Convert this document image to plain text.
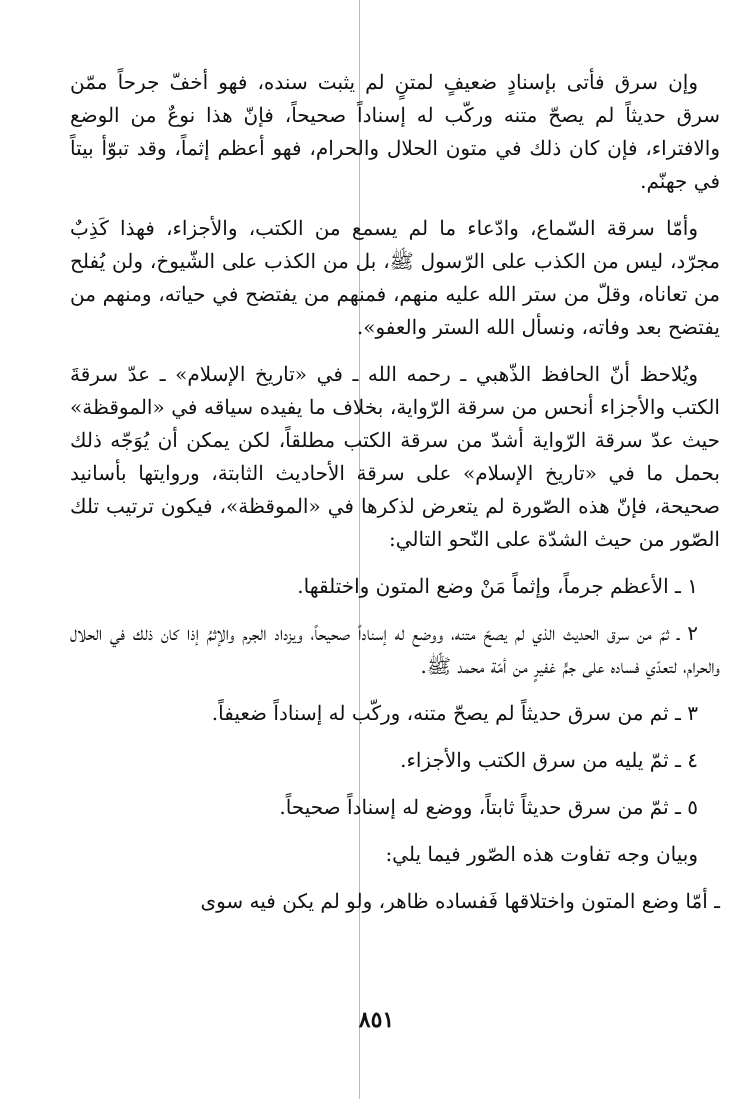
وإن سرق فأتى بإسنادٍ ضعيفٍ لمتنٍ لم يثبت سنده، فهو أخفّ جرحاً ممّن سرق حديثاً لم يصحّ متنه وركّب له إسناداً صحيحاً، فإنّ هذا نوعٌ من الوضع والافتراء، فإن كان ذلك في متون الحلال والحرام، فهو أعظم إثماً، وقد تبوّأ بيتاً في جهنّم.

وأمّا سرقة السّماع، وادّعاء ما لم يسمع من الكتب، والأجزاء، فهذا كَذِبٌ مجرّد، ليس من الكذب على الرّسول ﷺ، بل من الكذب على الشّيوخ، ولن يُفلح من تعاناه، وقلّ من ستر الله عليه منهم، فمنهم من يفتضح في حياته، ومنهم من يفتضح بعد وفاته، ونسأل الله الستر والعفو».

ويُلاحظ أنّ الحافظ الذّهبي ـ رحمه الله ـ في «تاريخ الإسلام» ـ عدّ سرقةَ الكتب والأجزاء أنحس من سرقة الرّواية، بخلاف ما يفيده سياقه في «الموقظة» حيث عدّ سرقة الرّواية أشدّ من سرقة الكتب مطلقاً، لكن يمكن أن يُوَجّه ذلك بحمل ما في «تاريخ الإسلام» على سرقة الأحاديث الثابتة، وروايتها بأسانيد صحيحة، فإنّ هذه الصّورة لم يتعرض لذكرها في «الموقظة»، فيكون ترتيب تلك الصّور من حيث الشدّة على النّحو التالي:

١ ـ الأعظم جرماً، وإثماً مَنْ وضع المتون واختلقها.

٢ ـ ثمّ من سرق الحديث الذي لم يصحّ متنه، ووضع له إسناداً صحيحاً، ويزداد الجرم والإثمُ إذا كان ذلك في الحلال والحرام، لتعدّي فساده على جمٍّ غفيرٍ من أمّة محمد ﷺ.

٣ ـ ثم من سرق حديثاً لم يصحّ متنه، وركّب له إسناداً ضعيفاً.

٤ ـ ثمّ يليه من سرق الكتب والأجزاء.

٥ ـ ثمّ من سرق حديثاً ثابتاً، ووضع له إسناداً صحيحاً.

وبيان وجه تفاوت هذه الصّور فيما يلي:

ـ أمّا وضع المتون واختلاقها فَفساده ظاهر، ولو لم يكن فيه سوى

٨٥١
